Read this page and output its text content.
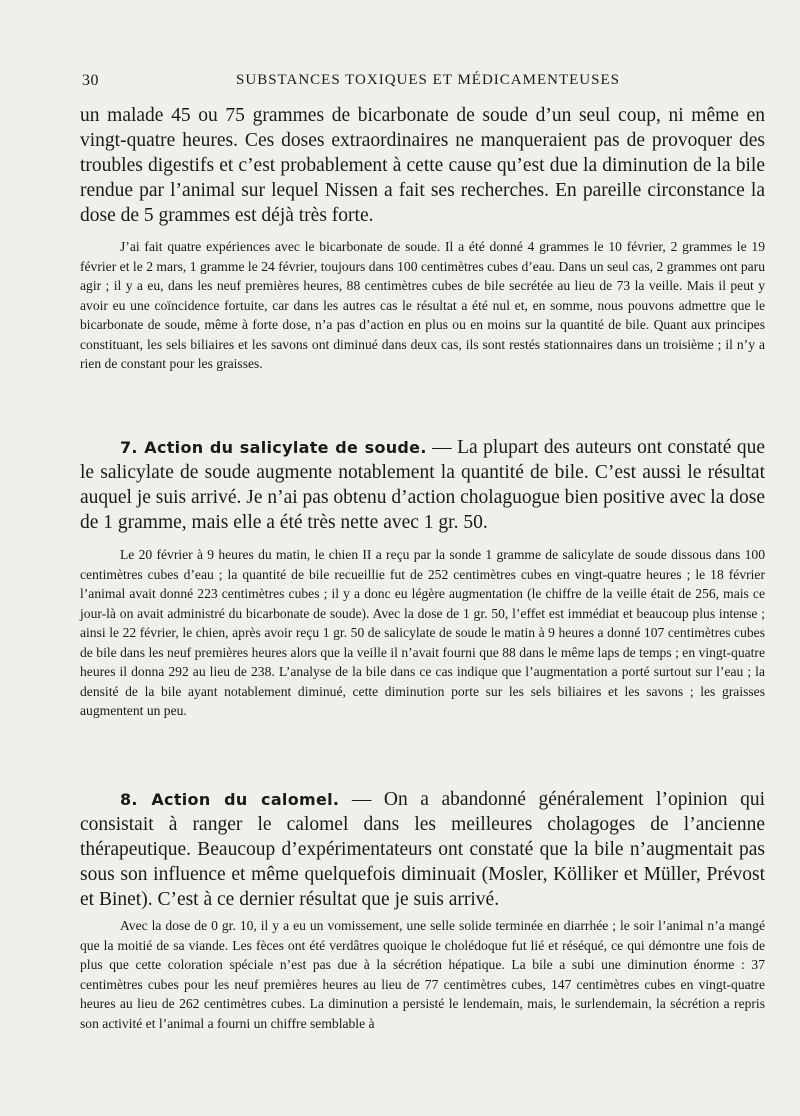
30	SUBSTANCES TOXIQUES ET MÉDICAMENTEUSES

un malade 45 ou 75 grammes de bicarbonate de soude d’un seul coup, ni même en vingt-quatre heures. Ces doses extraordinaires ne manqueraient pas de provoquer des troubles digestifs et c’est probablement à cette cause qu’est due la diminution de la bile rendue par l’animal sur lequel Nissen a fait ses recherches. En pareille circonstance la dose de 5 grammes est déjà très forte.

J’ai fait quatre expériences avec le bicarbonate de soude. Il a été donné 4 grammes le 10 février, 2 grammes le 19 février et le 2 mars, 1 gramme le 24 février, toujours dans 100 centimètres cubes d’eau. Dans un seul cas, 2 grammes ont paru agir ; il y a eu, dans les neuf premières heures, 88 centimètres cubes de bile secrétée au lieu de 73 la veille. Mais il peut y avoir eu une coïncidence fortuite, car dans les autres cas le résultat a été nul et, en somme, nous pouvons admettre que le bicarbonate de soude, même à forte dose, n’a pas d’action en plus ou en moins sur la quantité de bile. Quant aux principes constituant, les sels biliaires et les savons ont diminué dans deux cas, ils sont restés stationnaires dans un troisième ; il n’y a rien de constant pour les graisses.

7. Action du salicylate de soude. — La plupart des auteurs ont constaté que le salicylate de soude augmente notablement la quantité de bile. C’est aussi le résultat auquel je suis arrivé. Je n’ai pas obtenu d’action cholaguogue bien positive avec la dose de 1 gramme, mais elle a été très nette avec 1 gr. 50.

Le 20 février à 9 heures du matin, le chien II a reçu par la sonde 1 gramme de salicylate de soude dissous dans 100 centimètres cubes d’eau ; la quantité de bile recueillie fut de 252 centimètres cubes en vingt-quatre heures ; le 18 février l’animal avait donné 223 centimètres cubes ; il y a donc eu légère augmentation (le chiffre de la veille était de 256, mais ce jour-là on avait administré du bicarbonate de soude). Avec la dose de 1 gr. 50, l’effet est immédiat et beaucoup plus intense ; ainsi le 22 février, le chien, après avoir reçu 1 gr. 50 de salicylate de soude le matin à 9 heures a donné 107 centimètres cubes de bile dans les neuf premières heures alors que la veille il n’avait fourni que 88 dans le même laps de temps ; en vingt-quatre heures il donna 292 au lieu de 238. L’analyse de la bile dans ce cas indique que l’augmentation a porté surtout sur l’eau ; la densité de la bile ayant notablement diminué, cette diminution porte sur les sels biliaires et les savons ; les graisses augmentent un peu.

8. Action du calomel. — On a abandonné généralement l’opinion qui consistait à ranger le calomel dans les meilleures cholagoges de l’ancienne thérapeutique. Beaucoup d’expérimentateurs ont constaté que la bile n’augmentait pas sous son influence et même quelquefois diminuait (Mosler, Kölliker et Müller, Prévost et Binet). C’est à ce dernier résultat que je suis arrivé.

Avec la dose de 0 gr. 10, il y a eu un vomissement, une selle solide terminée en diarrhée ; le soir l’animal n’a mangé que la moitié de sa viande. Les fèces ont été verdâtres quoique le cholédoque fut lié et réséqué, ce qui démontre une fois de plus que cette coloration spéciale n’est pas due à la sécrétion hépatique. La bile a subi une diminution énorme : 37 centimètres cubes pour les neuf premières heures au lieu de 77 centimètres cubes, 147 centimètres cubes en vingt-quatre heures au lieu de 262 centimètres cubes. La diminution a persisté le lendemain, mais, le surlendemain, la sécrétion a repris son activité et l’animal a fourni un chiffre semblable à
